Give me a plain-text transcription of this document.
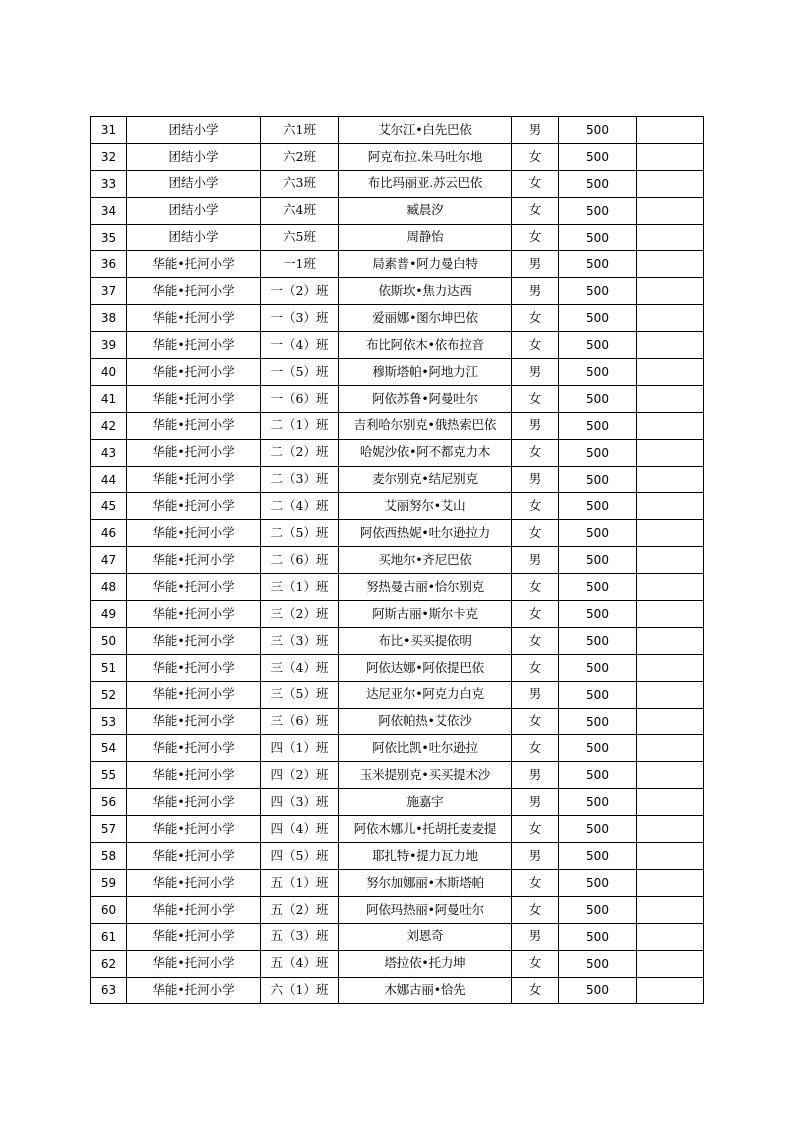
31	团结小学	六1班	艾尔江•白先巴依	男	500	
32	团结小学	六2班	阿克布拉.朱马吐尔地	女	500	
33	团结小学	六3班	布比玛丽亚.苏云巴依	女	500	
34	团结小学	六4班	臧晨汐	女	500	
35	团结小学	六5班	周静怡	女	500	
36	华能•托河小学	一1班	局素普•阿力曼白特	男	500	
37	华能•托河小学	一（2）班	依斯坎•焦力达西	男	500	
38	华能•托河小学	一（3）班	爱丽娜•图尔坤巴依	女	500	
39	华能•托河小学	一（4）班	布比阿依木•依布拉音	女	500	
40	华能•托河小学	一（5）班	穆斯塔帕•阿地力江	男	500	
41	华能•托河小学	一（6）班	阿依苏鲁•阿曼吐尔	女	500	
42	华能•托河小学	二（1）班	吉利哈尔别克•俄热索巴依	男	500	
43	华能•托河小学	二（2）班	哈妮沙依•阿不都克力木	女	500	
44	华能•托河小学	二（3）班	麦尔别克•结尼别克	男	500	
45	华能•托河小学	二（4）班	艾丽努尔•艾山	女	500	
46	华能•托河小学	二（5）班	阿依西热妮•吐尔逊拉力	女	500	
47	华能•托河小学	二（6）班	买地尔•齐尼巴依	男	500	
48	华能•托河小学	三（1）班	努热曼古丽•恰尔别克	女	500	
49	华能•托河小学	三（2）班	阿斯古丽•斯尔卡克	女	500	
50	华能•托河小学	三（3）班	布比•买买提依明	女	500	
51	华能•托河小学	三（4）班	阿依达娜•阿依提巴依	女	500	
52	华能•托河小学	三（5）班	达尼亚尔•阿克力白克	男	500	
53	华能•托河小学	三（6）班	阿依帕热•艾依沙	女	500	
54	华能•托河小学	四（1）班	阿依比凯•吐尔逊拉	女	500	
55	华能•托河小学	四（2）班	玉米提别克•买买提木沙	男	500	
56	华能•托河小学	四（3）班	施嘉宇	男	500	
57	华能•托河小学	四（4）班	阿依木娜儿•托胡托麦麦提	女	500	
58	华能•托河小学	四（5）班	耶扎特•提力瓦力地	男	500	
59	华能•托河小学	五（1）班	努尔加娜丽•木斯塔帕	女	500	
60	华能•托河小学	五（2）班	阿依玛热丽•阿曼吐尔	女	500	
61	华能•托河小学	五（3）班	刘恩奇	男	500	
62	华能•托河小学	五（4）班	塔拉依•托力坤	女	500	
63	华能•托河小学	六（1）班	木娜古丽•恰先	女	500	
